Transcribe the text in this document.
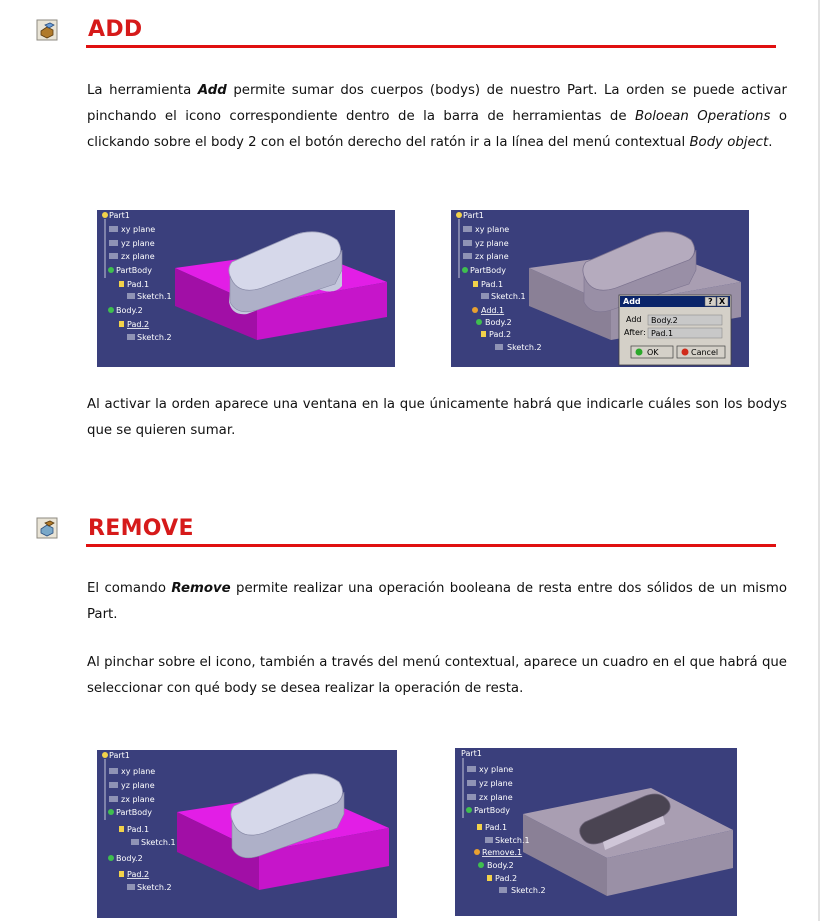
ADD

La herramienta Add permite sumar dos cuerpos (bodys) de nuestro Part. La orden se puede activar pinchando el icono correspondiente dentro de la barra de herramientas de Boloean Operations o clickando sobre el body 2 con el botón derecho del ratón ir a la línea del menú contextual Body object.

Part1
xy plane
yz plane
zx plane
PartBody
Pad.1
Sketch.1
Body.2
Pad.2
Sketch.2
Part1
xy plane
yz plane
zx plane
PartBody
Pad.1
Sketch.1
Add.1
Body.2
Pad.2
Sketch.2
Add	? X
Add Body.2
After: Pad.1
OK	Cancel

Al activar la orden aparece una ventana en la que únicamente habrá que indicarle cuáles son los bodys que se quieren sumar.

REMOVE

El comando Remove permite realizar una operación booleana de resta entre dos sólidos de un mismo Part.

Al pinchar sobre el icono, también a través del menú contextual, aparece un cuadro en el que habrá que seleccionar con qué body se desea realizar la operación de resta.

Part1
xy plane
yz plane
zx plane
PartBody
Pad.1
Sketch.1
Body.2
Pad.2
Sketch.2
Part1
xy plane
yz plane
zx plane
PartBody
Pad.1
Sketch.1
Remove.1
Body.2
Pad.2
Sketch.2
